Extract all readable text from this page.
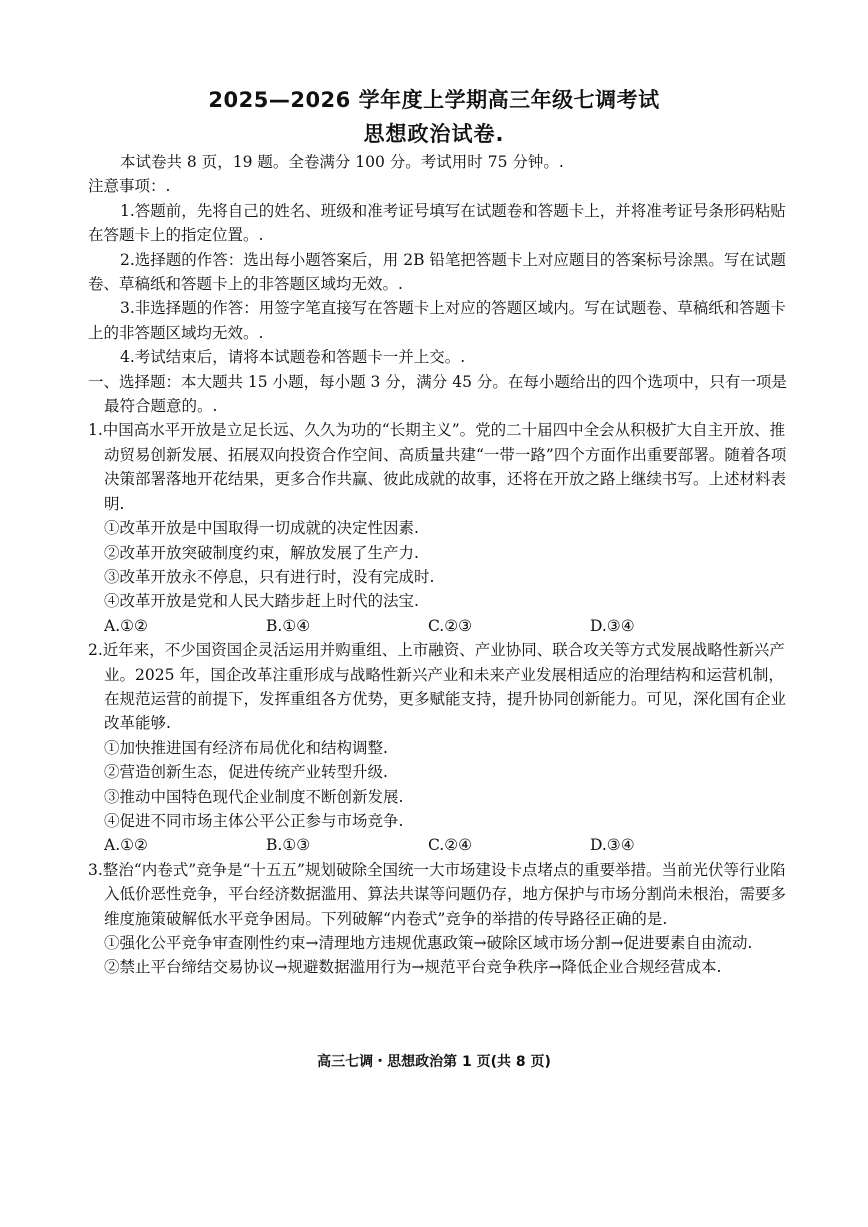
2025—2026 学年度上学期高三年级七调考试
思想政治试卷.

本试卷共 8 页，19 题。全卷满分 100 分。考试用时 75 分钟。.

注意事项：.

1.答题前，先将自己的姓名、班级和准考证号填写在试题卷和答题卡上，并将准考证号条形码粘贴在答题卡上的指定位置。.

2.选择题的作答：选出每小题答案后，用 2B 铅笔把答题卡上对应题目的答案标号涂黑。写在试题卷、草稿纸和答题卡上的非答题区域均无效。.

3.非选择题的作答：用签字笔直接写在答题卡上对应的答题区域内。写在试题卷、草稿纸和答题卡上的非答题区域均无效。.

4.考试结束后，请将本试题卷和答题卡一并上交。.

一、选择题：本大题共 15 小题，每小题 3 分，满分 45 分。在每小题给出的四个选项中，只有一项是最符合题意的。.

1.中国高水平开放是立足长远、久久为功的“长期主义”。党的二十届四中全会从积极扩大自主开放、推动贸易创新发展、拓展双向投资合作空间、高质量共建“一带一路”四个方面作出重要部署。随着各项决策部署落地开花结果，更多合作共赢、彼此成就的故事，还将在开放之路上继续书写。上述材料表明.

①改革开放是中国取得一切成就的决定性因素.

②改革开放突破制度约束，解放发展了生产力.

③改革开放永不停息，只有进行时，没有完成时.

④改革开放是党和人民大踏步赶上时代的法宝.

A.①②	B.①④	C.②③	D.③④

2.近年来，不少国资国企灵活运用并购重组、上市融资、产业协同、联合攻关等方式发展战略性新兴产业。2025 年，国企改革注重形成与战略性新兴产业和未来产业发展相适应的治理结构和运营机制，在规范运营的前提下，发挥重组各方优势，更多赋能支持，提升协同创新能力。可见，深化国有企业改革能够.

①加快推进国有经济布局优化和结构调整.

②营造创新生态，促进传统产业转型升级.

③推动中国特色现代企业制度不断创新发展.

④促进不同市场主体公平公正参与市场竞争.

A.①②	B.①③	C.②④	D.③④

3.整治“内卷式”竞争是“十五五”规划破除全国统一大市场建设卡点堵点的重要举措。当前光伏等行业陷入低价恶性竞争，平台经济数据滥用、算法共谋等问题仍存，地方保护与市场分割尚未根治，需要多维度施策破解低水平竞争困局。下列破解“内卷式”竞争的举措的传导路径正确的是.

①强化公平竞争审查刚性约束→清理地方违规优惠政策→破除区域市场分割→促进要素自由流动.

②禁止平台缔结交易协议→规避数据滥用行为→规范平台竞争秩序→降低企业合规经营成本.

高三七调・思想政治第 1 页(共 8 页)
